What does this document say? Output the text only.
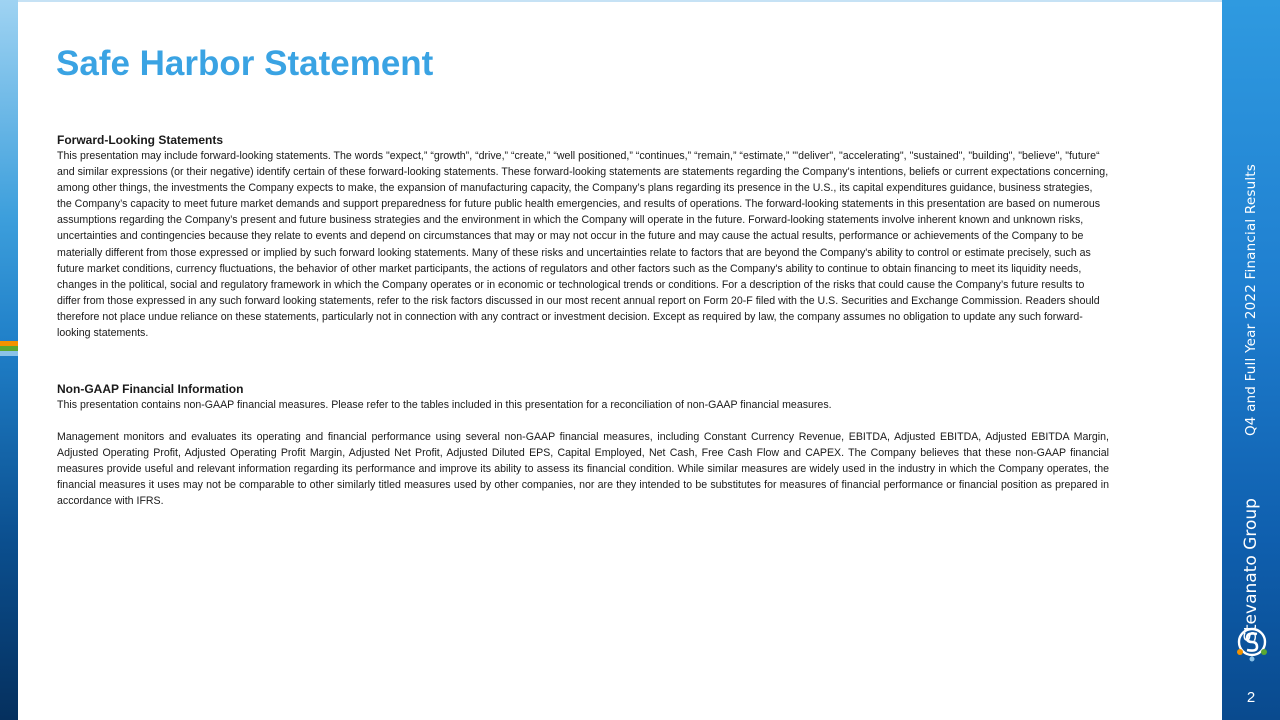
Q4 and Full Year 2022 Financial Results
Stevanato Group
2
Safe Harbor Statement
Forward-Looking Statements

This presentation may include forward-looking statements. The words "expect,” “growth”, “drive,” “create,” “well positioned,” “continues,” “remain,” “estimate,” "'deliver", "accelerating", "sustained", "building", "believe", "future“ and similar expressions (or their negative) identify certain of these forward-looking statements. These forward-looking statements are statements regarding the Company's intentions, beliefs or current expectations concerning, among other things, the investments the Company expects to make, the expansion of manufacturing capacity, the Company’s plans regarding its presence in the U.S., its capital expenditures guidance, business strategies, the Company’s capacity to meet future market demands and support preparedness for future public health emergencies, and results of operations. The forward-looking statements in this presentation are based on numerous assumptions regarding the Company’s present and future business strategies and the environment in which the Company will operate in the future. Forward-looking statements involve inherent known and unknown risks, uncertainties and contingencies because they relate to events and depend on circumstances that may or may not occur in the future and may cause the actual results, performance or achievements of the Company to be materially different from those expressed or implied by such forward looking statements. Many of these risks and uncertainties relate to factors that are beyond the Company's ability to control or estimate precisely, such as future market conditions, currency fluctuations, the behavior of other market participants, the actions of regulators and other factors such as the Company's ability to continue to obtain financing to meet its liquidity needs, changes in the political, social and regulatory framework in which the Company operates or in economic or technological trends or conditions. For a description of the risks that could cause the Company’s future results to differ from those expressed in any such forward looking statements, refer to the risk factors discussed in our most recent annual report on Form 20-F filed with the U.S. Securities and Exchange Commission. Readers should therefore not place undue reliance on these statements, particularly not in connection with any contract or investment decision. Except as required by law, the company assumes no obligation to update any such forward-looking statements.

Non-GAAP Financial Information

This presentation contains non-GAAP financial measures. Please refer to the tables included in this presentation for a reconciliation of non-GAAP financial measures.

Management monitors and evaluates its operating and financial performance using several non-GAAP financial measures, including Constant Currency Revenue, EBITDA, Adjusted EBITDA, Adjusted EBITDA Margin, Adjusted Operating Profit, Adjusted Operating Profit Margin, Adjusted Net Profit, Adjusted Diluted EPS, Capital Employed, Net Cash, Free Cash Flow and CAPEX. The Company believes that these non-GAAP financial measures provide useful and relevant information regarding its performance and improve its ability to assess its financial condition. While similar measures are widely used in the industry in which the Company operates, the financial measures it uses may not be comparable to other similarly titled measures used by other companies, nor are they intended to be substitutes for measures of financial performance or financial position as prepared in accordance with IFRS.
